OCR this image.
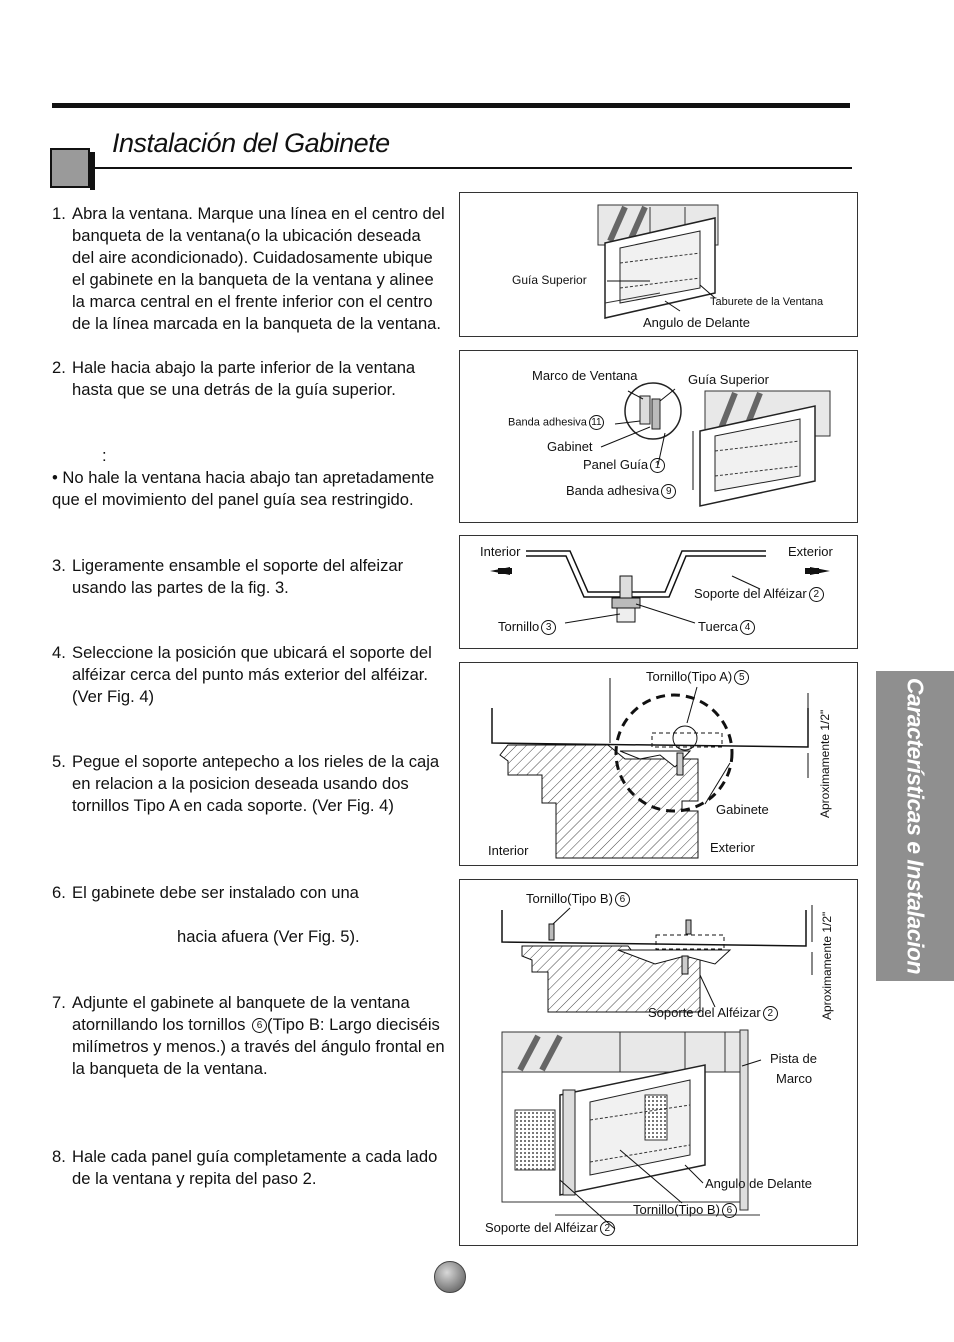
Instalación del Gabinete
Características e Instalacion
1. Abra la ventana. Marque una línea en el centro del banqueta de la ventana(o la ubicación deseada del aire acondicionado). Cuidadosamente ubique el gabinete en la banqueta de la ventana y alinee la marca central en el frente inferior con el centro de la línea marcada en la banqueta de la ventana.
2. Hale hacia abajo la parte inferior de la ventana hasta que se una detrás de la guía superior.
:
• No hale la ventana hacia abajo tan apretadamente que el movimiento del panel guía sea restringido.
3. Ligeramente ensamble el soporte del alfeizar usando las partes de la fig. 3.
4. Seleccione la posición que ubicará el soporte del alféizar cerca del punto más exterior del alféizar.(Ver Fig. 4)
5. Pegue el soporte antepecho a los rieles de la caja en relacion a la posicion deseada usando dos tornillos Tipo A en cada soporte. (Ver Fig. 4)
6. El gabinete debe ser instalado con una
hacia afuera (Ver Fig. 5).
7. Adjunte el gabinete al banquete de la ventana atornillando los tornillos 6 (Tipo B: Largo dieciséis milímetros y menos.) a través del ángulo frontal en la banqueta de la ventana.
8. Hale cada panel guía completamente a cada lado de la ventana y repita del paso 2.
Guía Superior
Taburete de la Ventana
Angulo de Delante
Marco de Ventana	Guía Superior
Banda adhesiva 11
Gabinet
Panel Guía 1
Banda adhesiva 9
Interior	Exterior
Soporte del Alféizar 2
Tornillo 3	Tuerca 4
Tornillo(Tipo A) 5
Aproximamente 1/2"
Gabinete
Interior	Exterior
Tornillo(Tipo B) 6
Aproximamente 1/2"
Soporte del Alféizar 2
Pista de
Marco
Angulo de Delante
Tornillo(Tipo B) 6
Soporte del Alféizar 2
